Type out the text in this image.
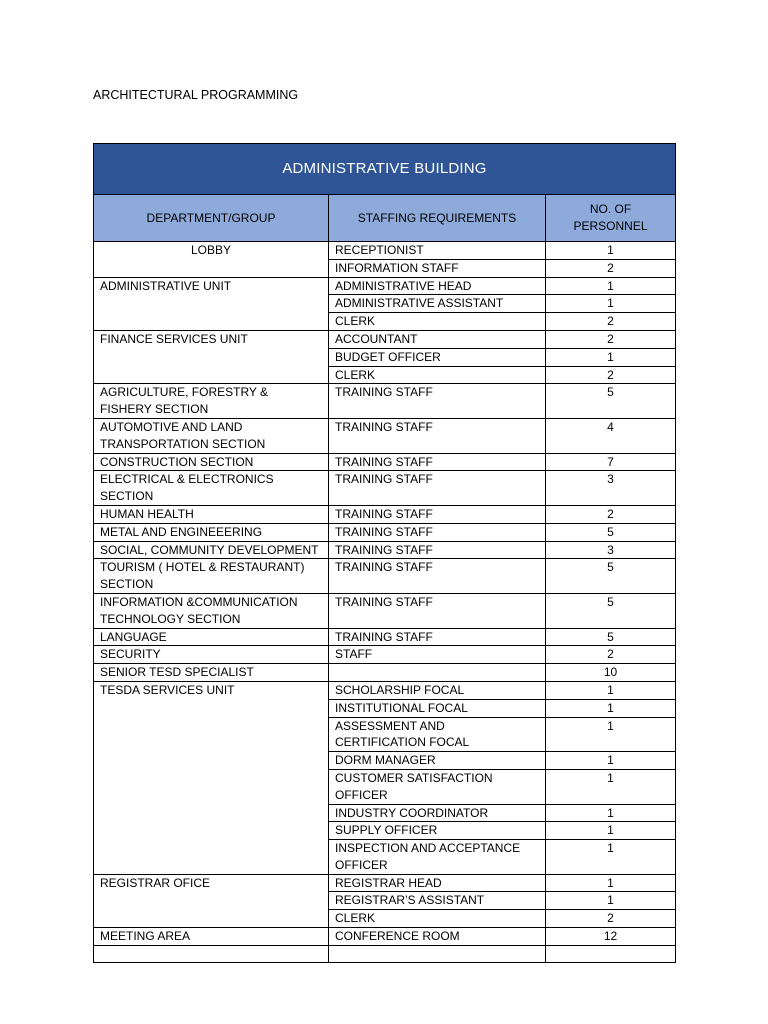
ARCHITECTURAL PROGRAMMING
ADMINISTRATIVE BUILDING		
DEPARTMENT/GROUP	STAFFING REQUIREMENTS	NO. OF PERSONNEL
LOBBY	RECEPTIONIST	1
	INFORMATION STAFF	2
ADMINISTRATIVE UNIT	ADMINISTRATIVE HEAD	1
	ADMINISTRATIVE ASSISTANT	1
	CLERK	2
FINANCE SERVICES UNIT	ACCOUNTANT	2
	BUDGET OFFICER	1
	CLERK	2
AGRICULTURE, FORESTRY & FISHERY SECTION	TRAINING STAFF	5
AUTOMOTIVE AND LAND TRANSPORTATION SECTION	TRAINING STAFF	4
CONSTRUCTION SECTION	TRAINING STAFF	7
ELECTRICAL & ELECTRONICS SECTION	TRAINING STAFF	3
HUMAN HEALTH	TRAINING STAFF	2
METAL AND ENGINEEERING	TRAINING STAFF	5
SOCIAL, COMMUNITY DEVELOPMENT	TRAINING STAFF	3
TOURISM ( HOTEL & RESTAURANT) SECTION	TRAINING STAFF	5
INFORMATION &COMMUNICATION TECHNOLOGY SECTION	TRAINING STAFF	5
LANGUAGE	TRAINING STAFF	5
SECURITY	STAFF	2
SENIOR TESD SPECIALIST		10
TESDA SERVICES UNIT	SCHOLARSHIP FOCAL	1
	INSTITUTIONAL FOCAL	1
	ASSESSMENT AND CERTIFICATION FOCAL	1
	DORM MANAGER	1
	CUSTOMER SATISFACTION OFFICER	1
	INDUSTRY COORDINATOR	1
	SUPPLY OFFICER	1
	INSPECTION AND ACCEPTANCE OFFICER	1
REGISTRAR OFICE	REGISTRAR HEAD	1
	REGISTRAR’S ASSISTANT	1
	CLERK	2
MEETING AREA	CONFERENCE ROOM	12
